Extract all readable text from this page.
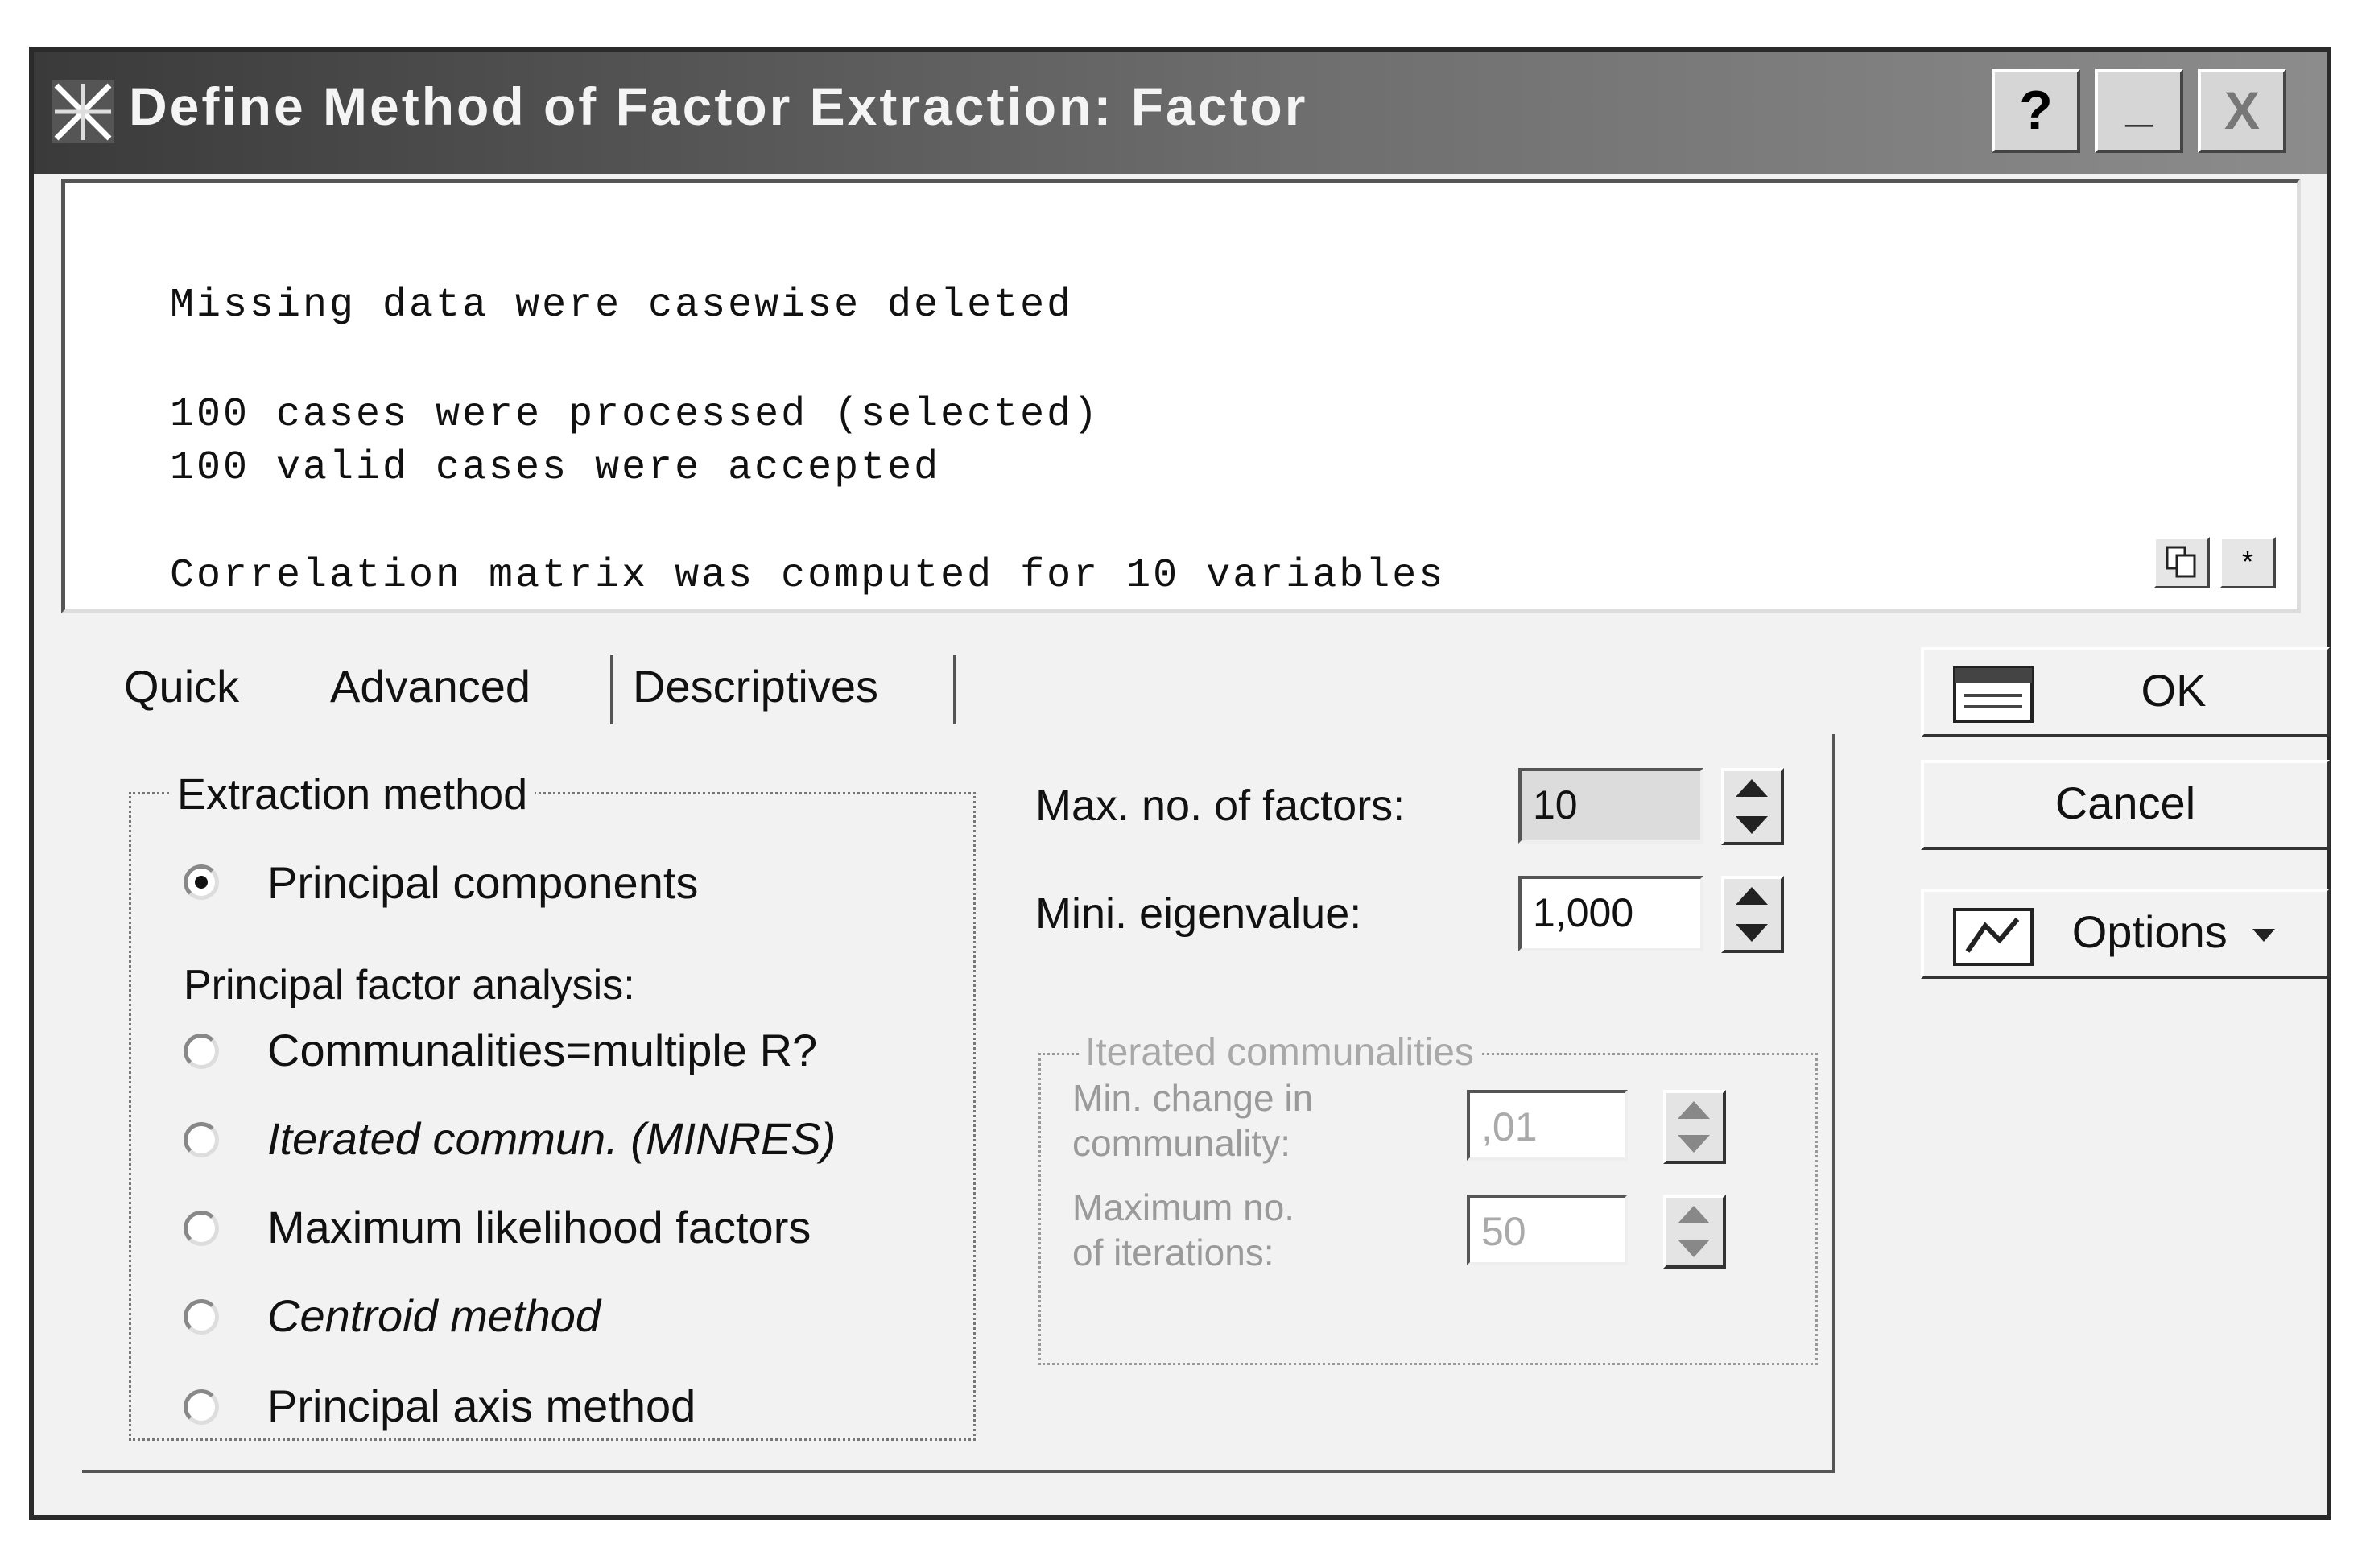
Define Method of Factor Extraction: Factor	?	_	X
Missing data were casewise deleted
100 cases were processed (selected)
100 valid cases were accepted
Correlation matrix was computed for 10 variables	*
Quick Advanced Descriptives
Extraction method
Principal components
Principal factor analysis:
Communalities=multiple R?
Iterated commun. (MINRES)
Maximum likelihood factors
Centroid method
Principal axis method
Max. no. of factors:	10
Mini. eigenvalue:	1,000
Iterated communalities
Min. change in
communality:	,01
Maximum no.
of iterations:	50
OK
Cancel
Options
